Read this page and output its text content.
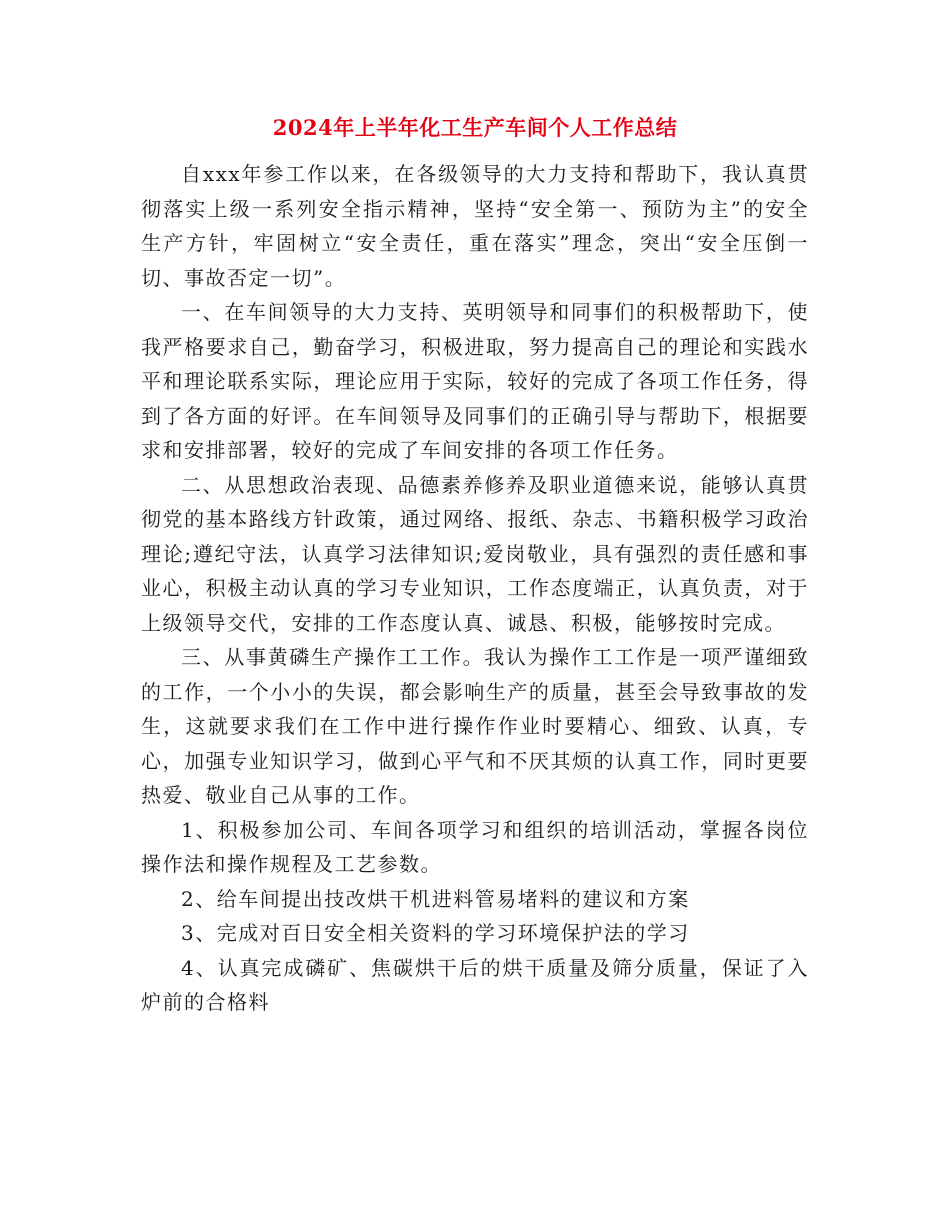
2024年上半年化工生产车间个人工作总结

自xxx年参工作以来，在各级领导的大力支持和帮助下，我认真贯彻落实上级一系列安全指示精神，坚持“安全第一、预防为主”的安全生产方针，牢固树立“安全责任，重在落实”理念，突出“安全压倒一切、事故否定一切”。

一、在车间领导的大力支持、英明领导和同事们的积极帮助下，使我严格要求自己，勤奋学习，积极进取，努力提高自己的理论和实践水平和理论联系实际，理论应用于实际，较好的完成了各项工作任务，得到了各方面的好评。在车间领导及同事们的正确引导与帮助下，根据要求和安排部署，较好的完成了车间安排的各项工作任务。

二、从思想政治表现、品德素养修养及职业道德来说，能够认真贯彻党的基本路线方针政策，通过网络、报纸、杂志、书籍积极学习政治理论;遵纪守法，认真学习法律知识;爱岗敬业，具有强烈的责任感和事业心，积极主动认真的学习专业知识，工作态度端正，认真负责，对于上级领导交代，安排的工作态度认真、诚恳、积极，能够按时完成。

三、从事黄磷生产操作工工作。我认为操作工工作是一项严谨细致的工作，一个小小的失误，都会影响生产的质量，甚至会导致事故的发生，这就要求我们在工作中进行操作作业时要精心、细致、认真，专心，加强专业知识学习，做到心平气和不厌其烦的认真工作，同时更要热爱、敬业自己从事的工作。

1、积极参加公司、车间各项学习和组织的培训活动，掌握各岗位操作法和操作规程及工艺参数。

2、给车间提出技改烘干机进料管易堵料的建议和方案

3、完成对百日安全相关资料的学习环境保护法的学习

4、认真完成磷矿、焦碳烘干后的烘干质量及筛分质量，保证了入炉前的合格料
